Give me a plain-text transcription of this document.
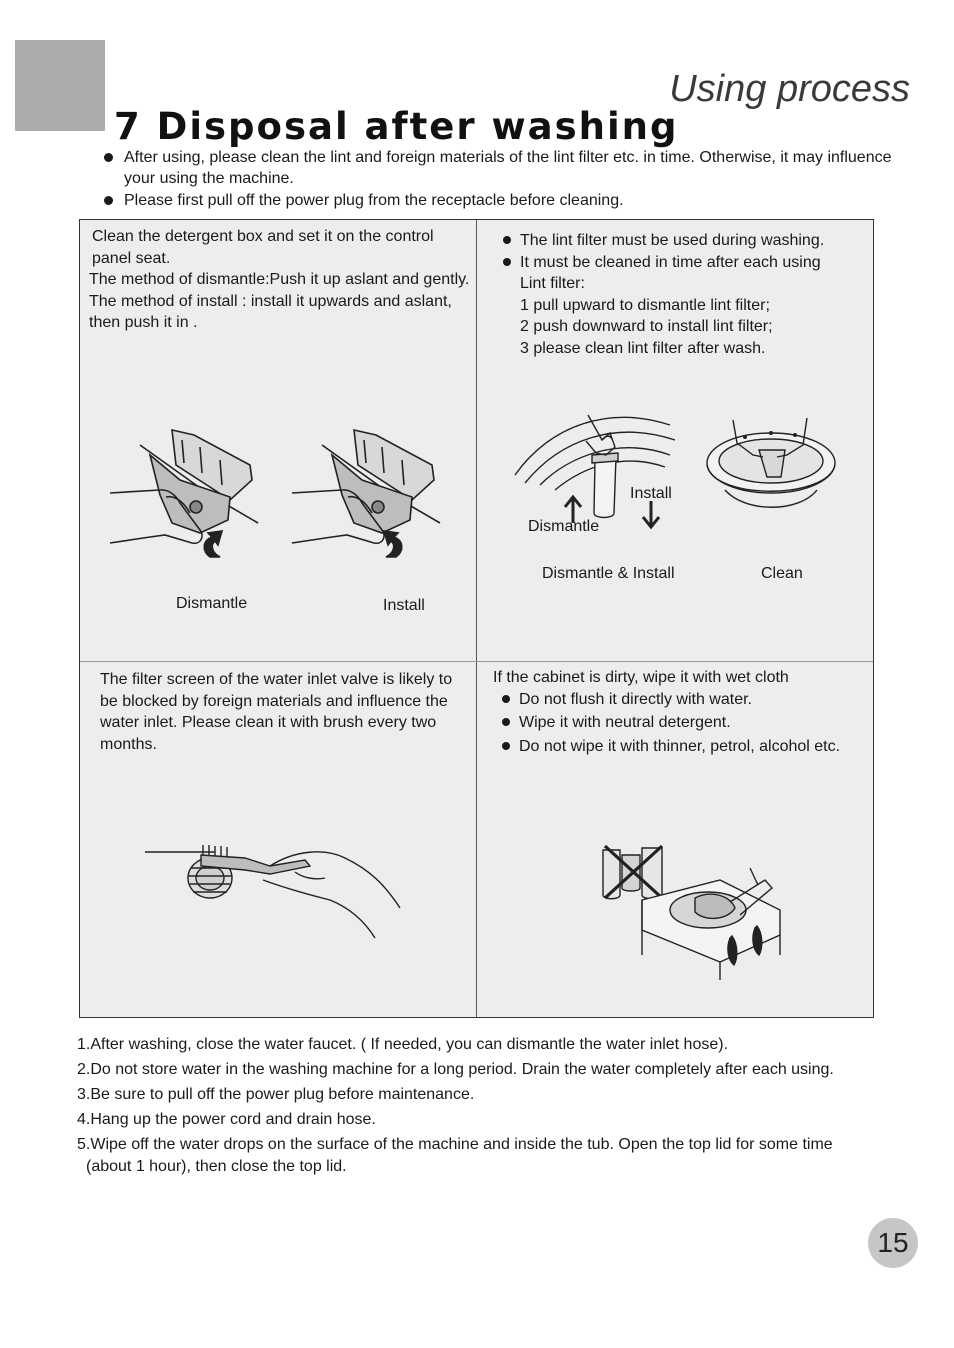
Using process
7 Disposal after washing
After using, please clean the lint and foreign materials of the lint filter etc. in time. Otherwise, it may influence your using the machine.
Please first pull off the power plug from the receptacle before cleaning.
Clean the detergent box and set it on the control panel seat.
The method of dismantle:Push it up aslant and gently.
The method of install : install it upwards and aslant, then push it in .
Dismantle	Install
The lint filter must be used during washing.
It must be cleaned in time after each using
Lint filter:
1 pull upward to dismantle lint filter;
2 push downward to install lint filter;
3 please clean lint filter after wash.
Install
Dismantle
Dismantle & Install	Clean
The filter screen of the water inlet valve is likely to be blocked by foreign materials and influence the water inlet. Please clean it with brush every two months.
If the cabinet is dirty, wipe it with wet cloth
Do not flush it directly with water.
Wipe it with neutral detergent.
Do not wipe it with thinner, petrol, alcohol etc.
1.After washing, close the water faucet. ( If needed, you can dismantle the water inlet hose).
2.Do not store water in the washing machine for a long period. Drain the water completely after each using.
3.Be sure to pull off the power plug before maintenance.
4.Hang up the power cord and drain hose.
5.Wipe off the water drops on the surface of the machine and inside the tub. Open the top lid for some time
(about 1 hour), then close the top lid.
15
